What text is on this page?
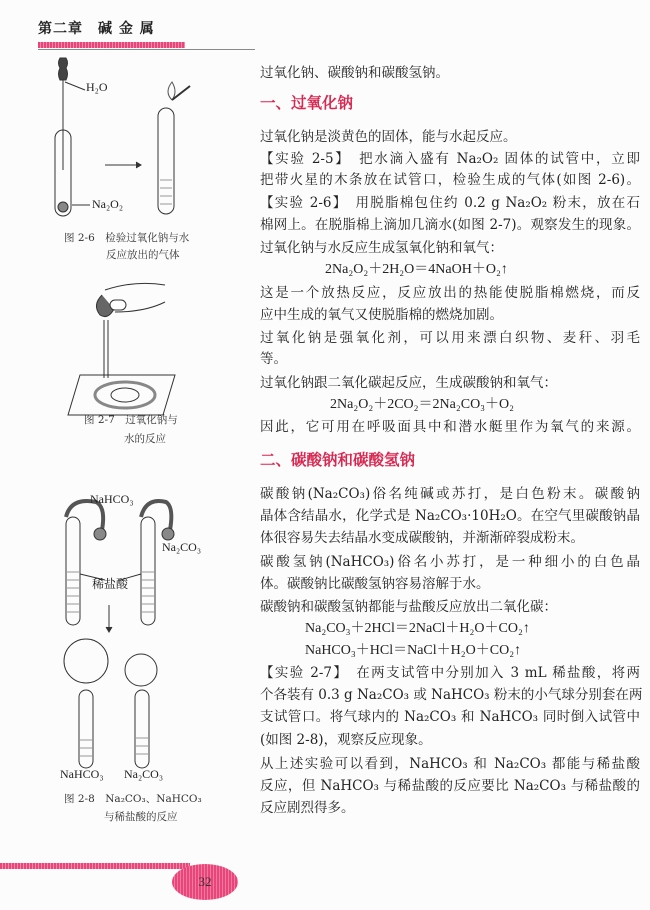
第二章　碱 金 属
过氧化钠、碳酸钠和碳酸氢钠。
一、过氧化钠
过氧化钠是淡黄色的固体，能与水起反应。
【实验 2-5】　把水滴入盛有 Na₂O₂ 固体的试管中，立即
把带火星的木条放在试管口，检验生成的气体(如图 2-6)。
【实验 2-6】　用脱脂棉包住约 0.2 g Na₂O₂ 粉末，放在石
棉网上。在脱脂棉上滴加几滴水(如图 2-7)。观察发生的现象。
过氧化钠与水反应生成氢氧化钠和氧气：
2Na₂O₂＋2H₂O＝4NaOH＋O₂↑
这是一个放热反应，反应放出的热能使脱脂棉燃烧，而反
应中生成的氧气又使脱脂棉的燃烧加剧。
过氧化钠是强氧化剂，可以用来漂白织物、麦秆、羽毛
等。
过氧化钠跟二氧化碳起反应，生成碳酸钠和氧气：
2Na₂O₂＋2CO₂＝2Na₂CO₃＋O₂
因此，它可用在呼吸面具中和潜水艇里作为氧气的来源。
二、碳酸钠和碳酸氢钠
碳酸钠(Na₂CO₃)俗名纯碱或苏打，是白色粉末。碳酸钠
晶体含结晶水，化学式是 Na₂CO₃·10H₂O。在空气里碳酸钠晶
体很容易失去结晶水变成碳酸钠，并渐渐碎裂成粉末。
碳酸氢钠(NaHCO₃)俗名小苏打，是一种细小的白色晶
体。碳酸钠比碳酸氢钠容易溶解于水。
碳酸钠和碳酸氢钠都能与盐酸反应放出二氧化碳：
Na₂CO₃＋2HCl＝2NaCl＋H₂O＋CO₂↑
NaHCO₃＋HCl＝NaCl＋H₂O＋CO₂↑
【实验 2-7】　在两支试管中分别加入 3 mL 稀盐酸，将两
个各装有 0.3 g Na₂CO₃ 或 NaHCO₃ 粉末的小气球分别套在两
支试管口。将气球内的 Na₂CO₃ 和 NaHCO₃ 同时倒入试管中
(如图 2-8)，观察反应现象。
从上述实验可以看到，NaHCO₃ 和 Na₂CO₃ 都能与稀盐酸
反应，但 NaHCO₃ 与稀盐酸的反应要比 Na₂CO₃ 与稀盐酸的
反应剧烈得多。
H₂O
Na₂O₂
图 2-6　检验过氧化钠与水
反应放出的气体
图 2-7　过氧化钠与
水的反应
NaHCO₃
Na₂CO₃
稀盐酸
NaHCO₃ Na₂CO₃
图 2-8　Na₂CO₃、NaHCO₃
与稀盐酸的反应
32
